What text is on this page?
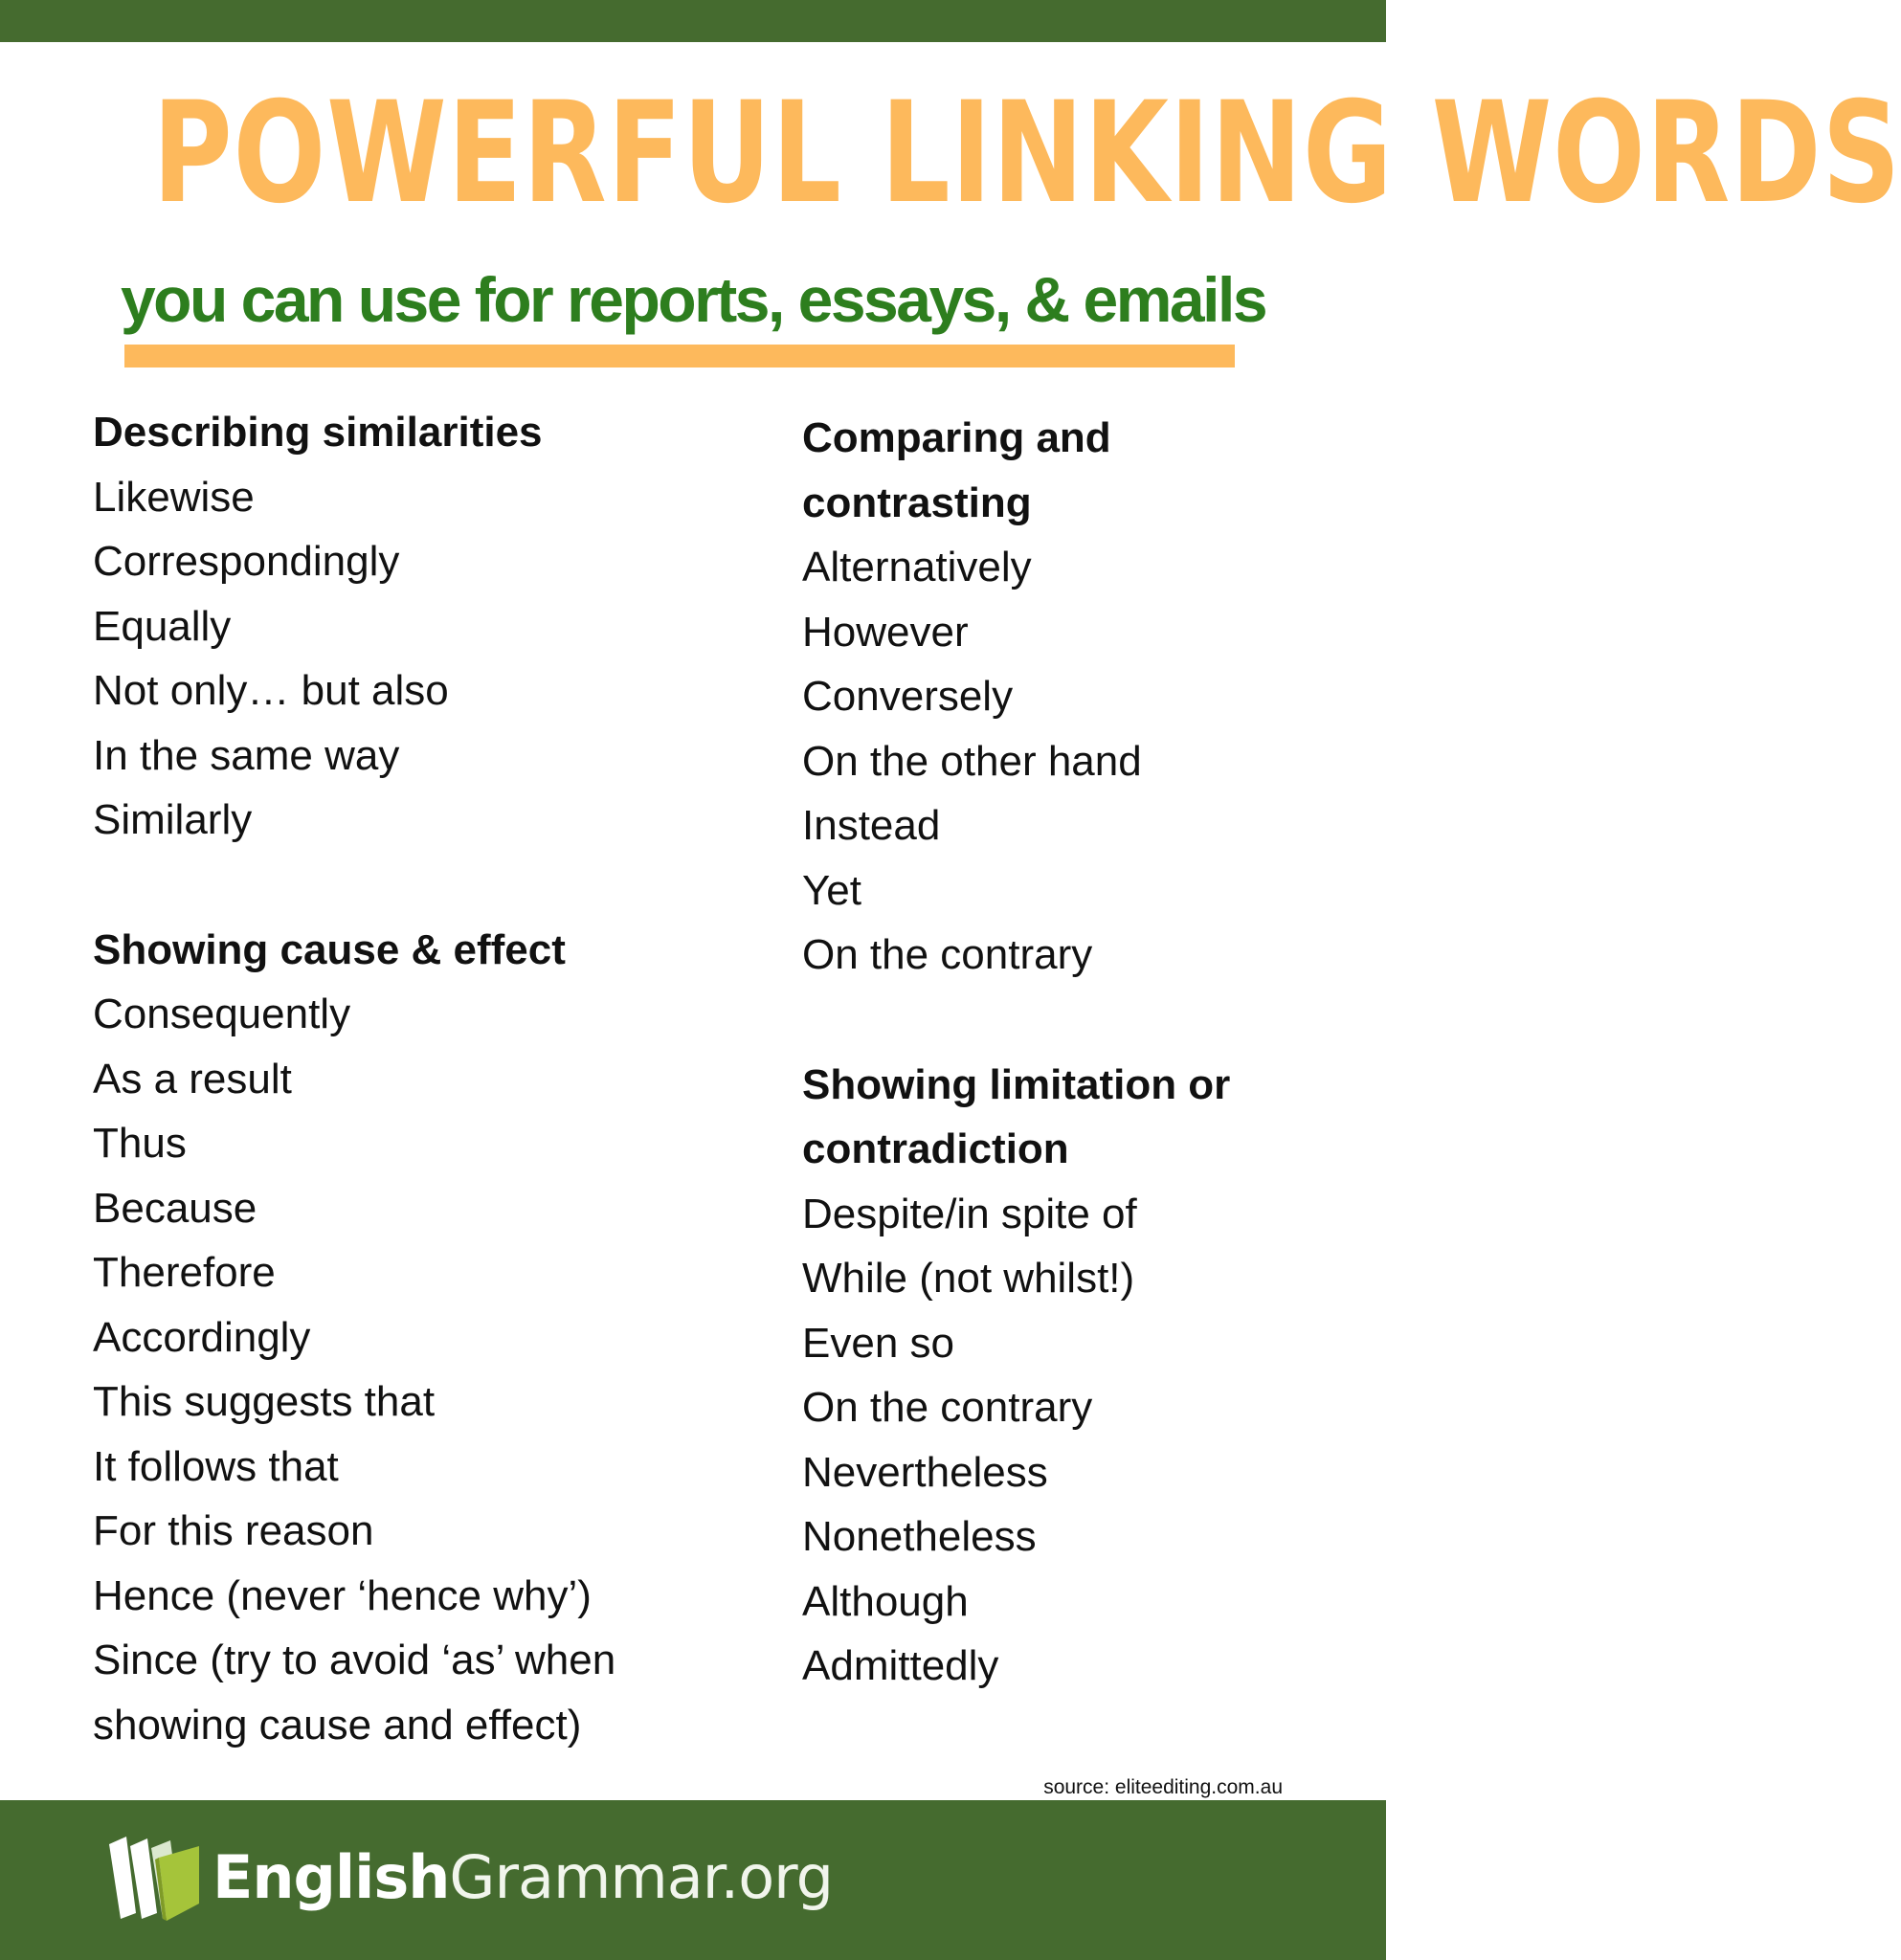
POWERFUL LINKING WORDS
you can use for reports, essays, & emails
Describing similarities
Likewise
Correspondingly
Equally
Not only… but also
In the same way
Similarly
Showing cause & effect
Consequently
As a result
Thus
Because
Therefore
Accordingly
This suggests that
It follows that
For this reason
Hence (never ‘hence why’)
Since (try to avoid ‘as’ when
showing cause and effect)
Comparing and
contrasting
Alternatively
However
Conversely
On the other hand
Instead
Yet
On the contrary
Showing limitation or
contradiction
Despite/in spite of
While (not whilst!)
Even so
On the contrary
Nevertheless
Nonetheless
Although
Admittedly
source: eliteediting.com.au
EnglishGrammar.org
